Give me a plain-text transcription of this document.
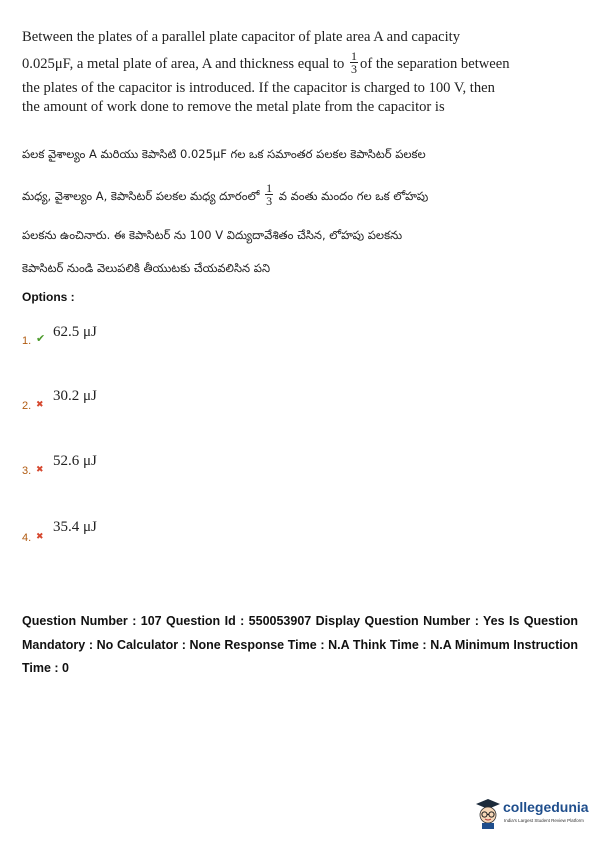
Between the plates of a parallel plate capacitor of plate area A and capacity
0.025μF, a metal plate of area, A and thickness equal to $\frac{1}{3}$ of the separation between
the plates of the capacitor is introduced. If the capacitor is charged to 100 V, then
the amount of work done to remove the metal plate from the capacitor is
పలక వైశాల్యం A మరియు కెపాసిటి 0.025μF గల ఒక సమాంతర పలకల కెపాసిటర్ పలకల
మధ్య, వైశాల్యం A, కెపాసిటర్ పలకల మధ్య దూరంలో $\frac{1}{3}$ వ వంతు మందం గల ఒక లోహపు
పలకను ఉంచినారు. ఈ కెపాసిటర్ ను 100 V విద్యుదావేశితం చేసిన, లోహపు పలకను
కెపాసిటర్ నుండి వెలుపలికి తీయుటకు చేయవలిసిన పని
Options :
1. ✔ 62.5 μJ
2. ✖
30.2 μJ
3. ✖
52.6 μJ
4. ✖
35.4 μJ
Question Number : 107 Question Id : 550053907 Display Question Number : Yes Is Question
Mandatory : No Calculator : None Response Time : N.A Think Time : N.A Minimum Instruction
Time : 0
collegedunia
India's Largest Student Review Platform
